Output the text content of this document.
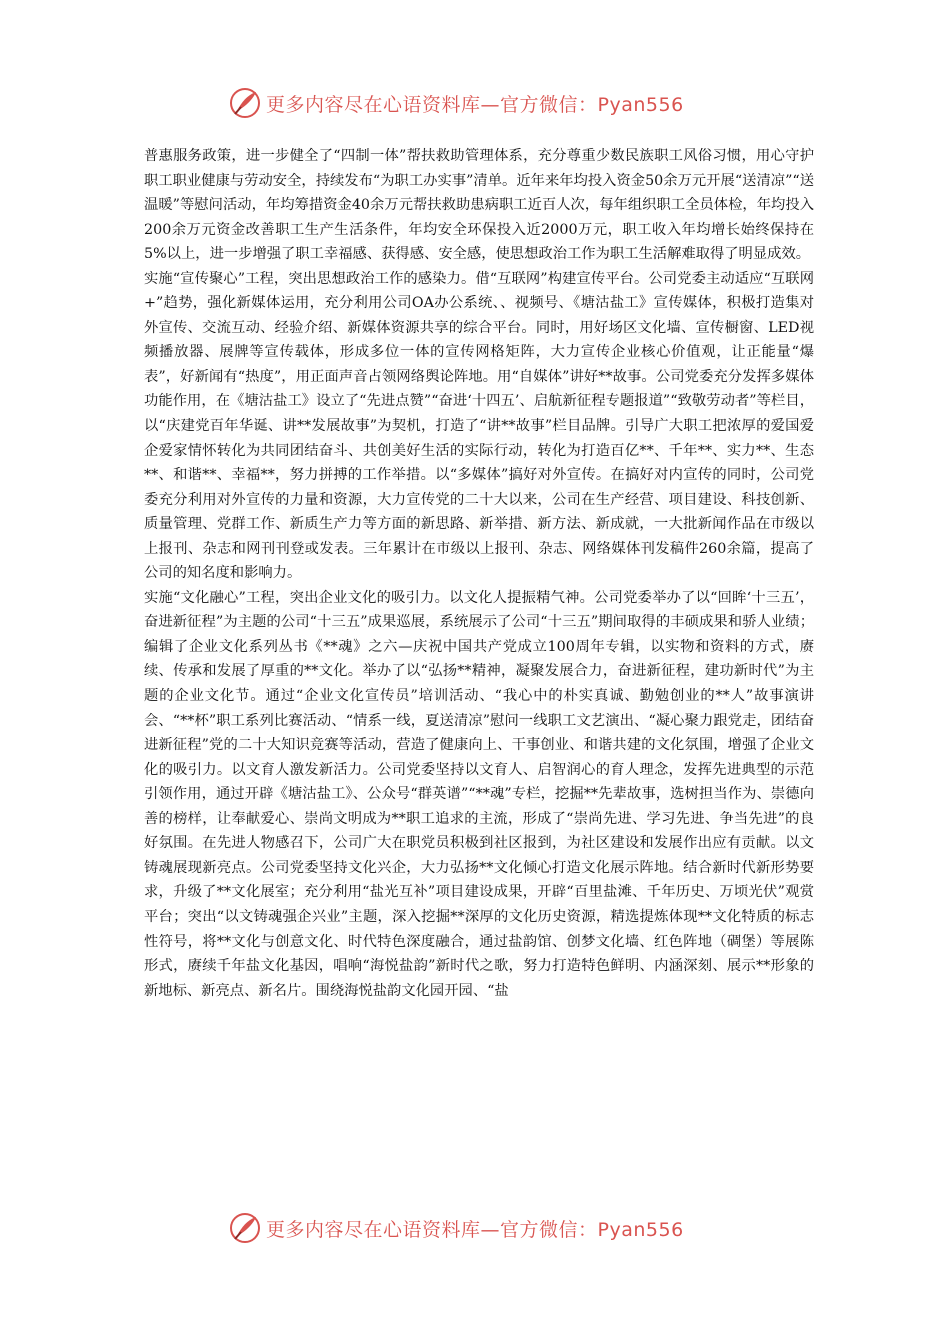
更多内容尽在心语资料库—官方微信：Pyan556

普惠服务政策，进一步健全了“四制一体”帮扶救助管理体系，充分尊重少数民族职工风俗习惯，用心守护职工职业健康与劳动安全，持续发布“为职工办实事”清单。近年来年均投入资金50余万元开展“送清凉”“送温暖”等慰问活动，年均筹措资金40余万元帮扶救助患病职工近百人次，每年组织职工全员体检，年均投入200余万元资金改善职工生产生活条件，年均安全环保投入近2000万元，职工收入年均增长始终保持在5%以上，进一步增强了职工幸福感、获得感、安全感，使思想政治工作为职工生活解难取得了明显成效。

实施“宣传聚心”工程，突出思想政治工作的感染力。借“互联网”构建宣传平台。公司党委主动适应“互联网+”趋势，强化新媒体运用，充分利用公司OA办公系统、、视频号、《塘沽盐工》宣传媒体，积极打造集对外宣传、交流互动、经验介绍、新媒体资源共享的综合平台。同时，用好场区文化墙、宣传橱窗、LED视频播放器、展牌等宣传载体，形成多位一体的宣传网格矩阵，大力宣传企业核心价值观，让正能量“爆表”，好新闻有“热度”，用正面声音占领网络舆论阵地。用“自媒体”讲好**故事。公司党委充分发挥多媒体功能作用，在《塘沽盐工》设立了“先进点赞”“奋进‘十四五’、启航新征程专题报道”“致敬劳动者”等栏目，以“庆建党百年华诞、讲**发展故事”为契机，打造了“讲**故事”栏目品牌。引导广大职工把浓厚的爱国爱企爱家情怀转化为共同团结奋斗、共创美好生活的实际行动，转化为打造百亿**、千年**、实力**、生态**、和谐**、幸福**，努力拼搏的工作举措。以“多媒体”搞好对外宣传。在搞好对内宣传的同时，公司党委充分利用对外宣传的力量和资源，大力宣传党的二十大以来，公司在生产经营、项目建设、科技创新、质量管理、党群工作、新质生产力等方面的新思路、新举措、新方法、新成就，一大批新闻作品在市级以上报刊、杂志和网刊刊登或发表。三年累计在市级以上报刊、杂志、网络媒体刊发稿件260余篇，提高了公司的知名度和影响力。

实施“文化融心”工程，突出企业文化的吸引力。以文化人提振精气神。公司党委举办了以“回眸‘十三五’，奋进新征程”为主题的公司“十三五”成果巡展，系统展示了公司“十三五”期间取得的丰硕成果和骄人业绩；编辑了企业文化系列丛书《**魂》之六—庆祝中国共产党成立100周年专辑，以实物和资料的方式，赓续、传承和发展了厚重的**文化。举办了以“弘扬**精神，凝聚发展合力，奋进新征程，建功新时代”为主题的企业文化节。通过“企业文化宣传员”培训活动、“我心中的朴实真诚、勤勉创业的**人”故事演讲会、“**杯”职工系列比赛活动、“情系一线，夏送清凉”慰问一线职工文艺演出、“凝心聚力跟党走，团结奋进新征程”党的二十大知识竞赛等活动，营造了健康向上、干事创业、和谐共建的文化氛围，增强了企业文化的吸引力。以文育人激发新活力。公司党委坚持以文育人、启智润心的育人理念，发挥先进典型的示范引领作用，通过开辟《塘沽盐工》、公众号“群英谱”“**魂”专栏，挖掘**先辈故事，选树担当作为、崇德向善的榜样，让奉献爱心、崇尚文明成为**职工追求的主流，形成了“崇尚先进、学习先进、争当先进”的良好氛围。在先进人物感召下，公司广大在职党员积极到社区报到，为社区建设和发展作出应有贡献。以文铸魂展现新亮点。公司党委坚持文化兴企，大力弘扬**文化倾心打造文化展示阵地。结合新时代新形势要求，升级了**文化展室；充分利用“盐光互补”项目建设成果，开辟“百里盐滩、千年历史、万顷光伏”观赏平台；突出“以文铸魂强企兴业”主题，深入挖掘**深厚的文化历史资源，精选提炼体现**文化特质的标志性符号，将**文化与创意文化、时代特色深度融合，通过盐韵馆、创梦文化墙、红色阵地（碉堡）等展陈形式，赓续千年盐文化基因，唱响“海悦盐韵”新时代之歌，努力打造特色鲜明、内涵深刻、展示**形象的新地标、新亮点、新名片。围绕海悦盐韵文化园开园、“盐

更多内容尽在心语资料库—官方微信：Pyan556
